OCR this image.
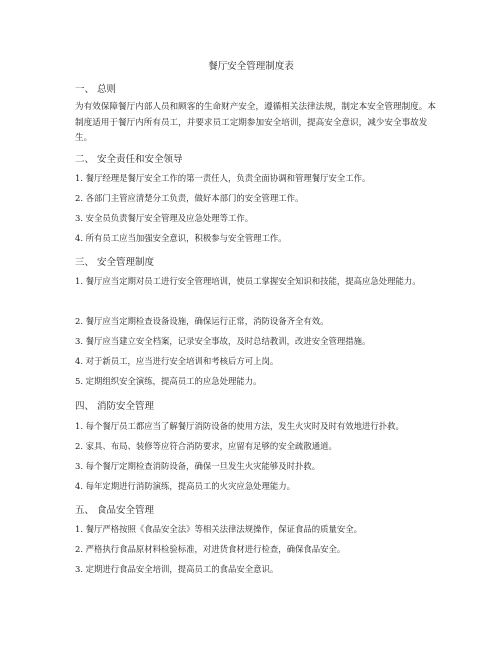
餐厅安全管理制度表
一、 总则
为有效保障餐厅内部人员和顾客的生命财产安全，遵循相关法律法规，制定本安全管理制度。本制度适用于餐厅内所有员工，并要求员工定期参加安全培训，提高安全意识，减少安全事故发生。
二、 安全责任和安全领导
1. 餐厅经理是餐厅安全工作的第一责任人，负责全面协调和管理餐厅安全工作。
2. 各部门主管应清楚分工负责，做好本部门的安全管理工作。
3. 安全员负责餐厅安全管理及应急处理等工作。
4. 所有员工应当加强安全意识，积极参与安全管理工作。
三、 安全管理制度
1. 餐厅应当定期对员工进行安全管理培训，使员工掌握安全知识和技能，提高应急处理能力。
2. 餐厅应当定期检查设备设施，确保运行正常，消防设备齐全有效。
3. 餐厅应当建立安全档案，记录安全事故，及时总结教训，改进安全管理措施。
4. 对于新员工，应当进行安全培训和考核后方可上岗。
5. 定期组织安全演练，提高员工的应急处理能力。
四、 消防安全管理
1. 每个餐厅员工都应当了解餐厅消防设备的使用方法，发生火灾时及时有效地进行扑救。
2. 家具、布局、装修等应符合消防要求，应留有足够的安全疏散通道。
3. 每个餐厅定期检查消防设备，确保一旦发生火灾能够及时扑救。
4. 每年定期进行消防演练，提高员工的火灾应急处理能力。
五、 食品安全管理
1. 餐厅严格按照《食品安全法》等相关法律法规操作，保证食品的质量安全。
2. 严格执行食品原材料检验标准，对进货食材进行检查，确保食品安全。
3. 定期进行食品安全培训，提高员工的食品安全意识。
